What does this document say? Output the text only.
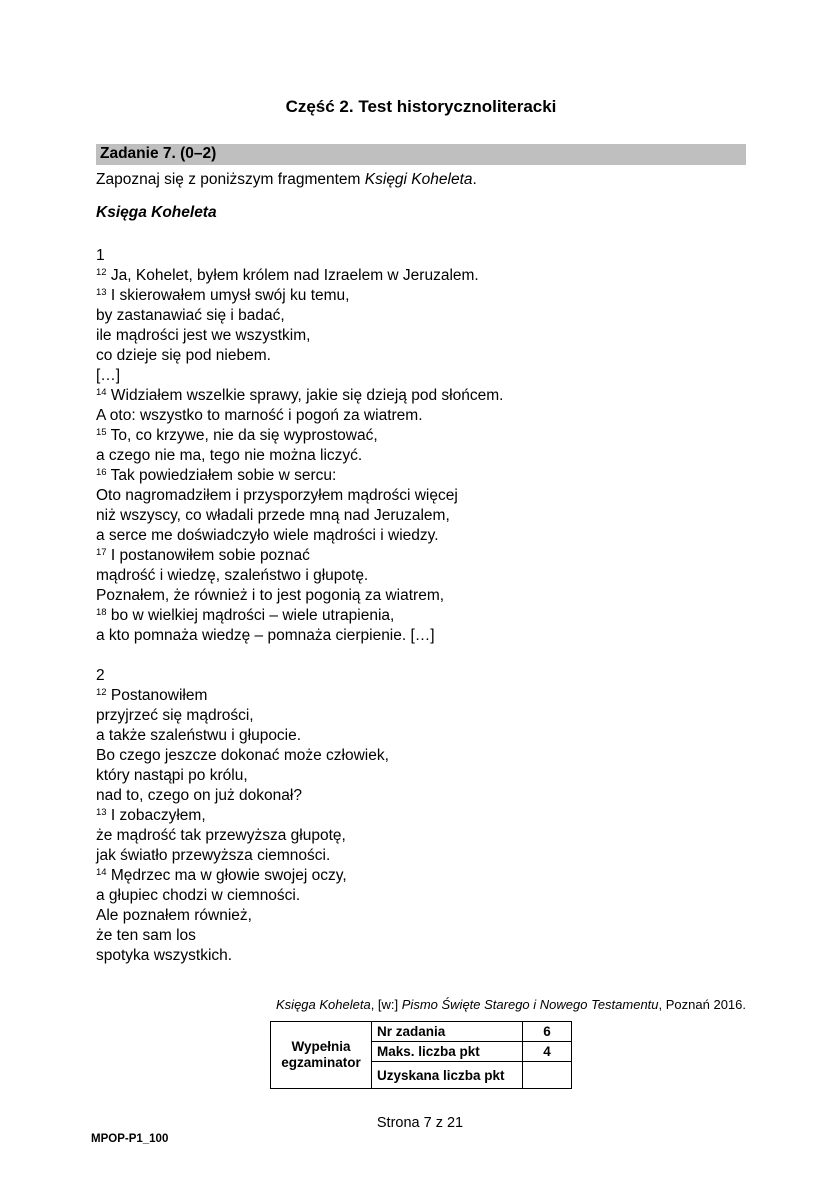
Część 2. Test historycznoliteracki
Zadanie 7. (0–2)

Zapoznaj się z poniższym fragmentem Księgi Koheleta.

Księga Koheleta
1
$^{12}$ Ja, Kohelet, byłem królem nad Izraelem w Jeruzalem.
$^{13}$ I skierowałem umysł swój ku temu,
by zastanawiać się i badać,
ile mądrości jest we wszystkim,
co dzieje się pod niebem.
[…]
$^{14}$ Widziałem wszelkie sprawy, jakie się dzieją pod słońcem.
A oto: wszystko to marność i pogoń za wiatrem.
$^{15}$ To, co krzywe, nie da się wyprostować,
a czego nie ma, tego nie można liczyć.
$^{16}$ Tak powiedziałem sobie w sercu:
Oto nagromadziłem i przysporzyłem mądrości więcej
niż wszyscy, co władali przede mną nad Jeruzalem,
a serce me doświadczyło wiele mądrości i wiedzy.
$^{17}$ I postanowiłem sobie poznać
mądrość i wiedzę, szaleństwo i głupotę.
Poznałem, że również i to jest pogonią za wiatrem,
$^{18}$ bo w wielkiej mądrości – wiele utrapienia,
a kto pomnaża wiedzę – pomnaża cierpienie. […]
2
$^{12}$ Postanowiłem
przyjrzeć się mądrości,
a także szaleństwu i głupocie.
Bo czego jeszcze dokonać może człowiek,
który nastąpi po królu,
nad to, czego on już dokonał?
$^{13}$ I zobaczyłem,
że mądrość tak przewyższa głupotę,
jak światło przewyższa ciemności.
$^{14}$ Mędrzec ma w głowie swojej oczy,
a głupiec chodzi w ciemności.
Ale poznałem również,
że ten sam los
spotyka wszystkich.

Księga Koheleta, [w:] Pismo Święte Starego i Nowego Testamentu, Poznań 2016.

Wypełnia egzaminator	Nr zadania	6
	Maks. liczba pkt	4
	Uzyskana liczba pkt	
Strona 7 z 21
MPOP-P1_100
